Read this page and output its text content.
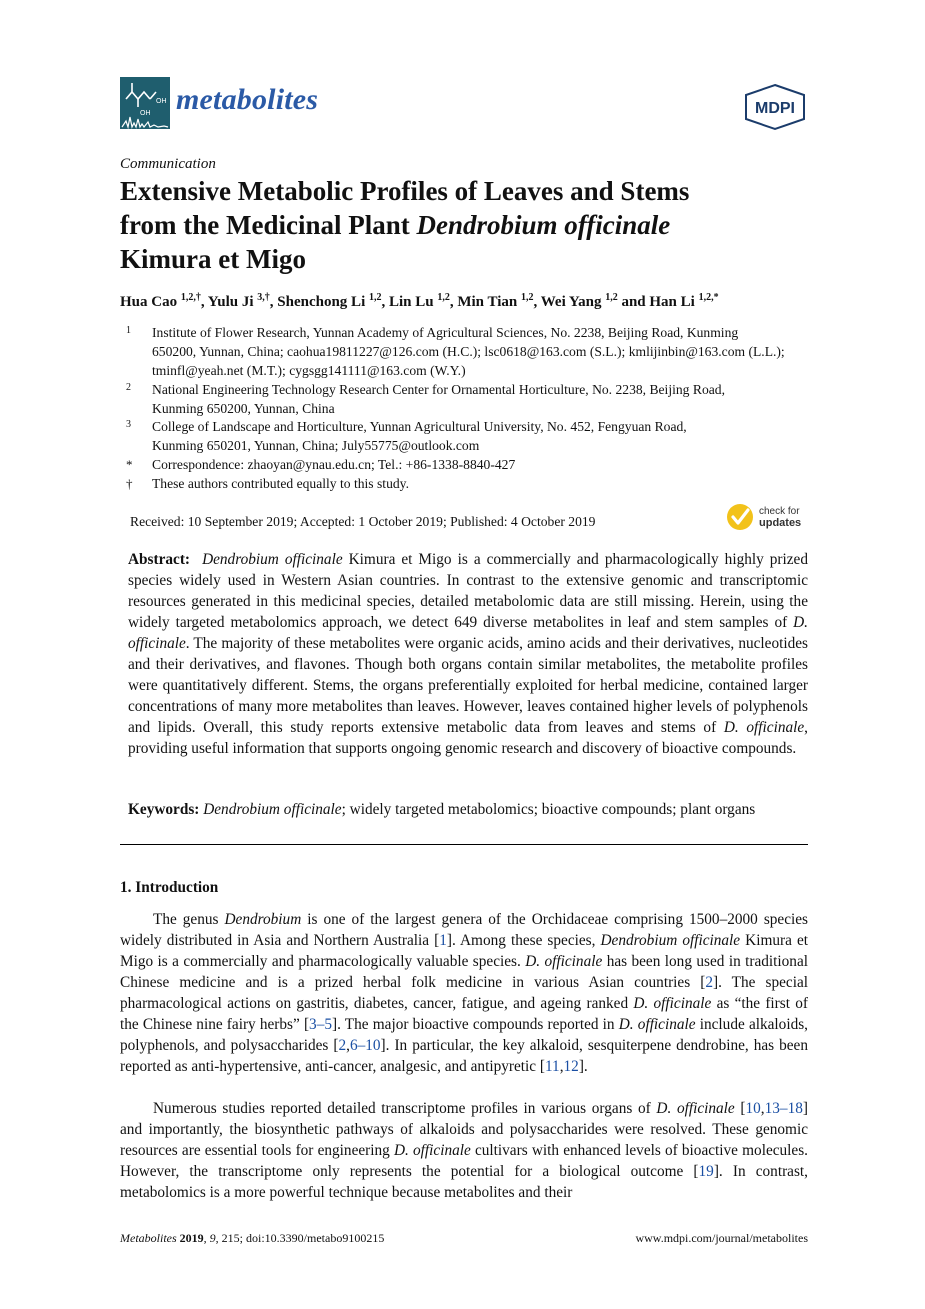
OH
OH metabolites	MDPI
Communication
Extensive Metabolic Profiles of Leaves and Stems
from the Medicinal Plant Dendrobium officinale
Kimura et Migo
Hua Cao $^{1,2,\dagger}$, Yulu Ji $^{3,\dagger}$, Shenchong Li $^{1,2}$, Lin Lu $^{1,2}$, Min Tian $^{1,2}$, Wei Yang $^{1,2}$ and Han Li $^{1,2,*}$
1 Institute of Flower Research, Yunnan Academy of Agricultural Sciences, No. 2238, Beijing Road, Kunming
650200, Yunnan, China; caohua19811227@126.com (H.C.); lsc0618@163.com (S.L.); kmlijinbin@163.com (L.L.);
tminfl@yeah.net (M.T.); cygsgg141111@163.com (W.Y.)
2 National Engineering Technology Research Center for Ornamental Horticulture, No. 2238, Beijing Road,
Kunming 650200, Yunnan, China
3 College of Landscape and Horticulture, Yunnan Agricultural University, No. 452, Fengyuan Road,
Kunming 650201, Yunnan, China; July55775@outlook.com
* Correspondence: zhaoyan@ynau.edu.cn; Tel.: +86-1338-8840-427
† These authors contributed equally to this study.
Received: 10 September 2019; Accepted: 1 October 2019; Published: 4 October 2019
check for
updates
Abstract: Dendrobium officinale Kimura et Migo is a commercially and pharmacologically highly prized species widely used in Western Asian countries. In contrast to the extensive genomic and transcriptomic resources generated in this medicinal species, detailed metabolomic data are still missing. Herein, using the widely targeted metabolomics approach, we detect 649 diverse metabolites in leaf and stem samples of D. officinale. The majority of these metabolites were organic acids, amino acids and their derivatives, nucleotides and their derivatives, and flavones. Though both organs contain similar metabolites, the metabolite profiles were quantitatively different. Stems, the organs preferentially exploited for herbal medicine, contained larger concentrations of many more metabolites than leaves. However, leaves contained higher levels of polyphenols and lipids. Overall, this study reports extensive metabolic data from leaves and stems of D. officinale, providing useful information that supports ongoing genomic research and discovery of bioactive compounds.
Keywords: Dendrobium officinale; widely targeted metabolomics; bioactive compounds; plant organs
1. Introduction
The genus Dendrobium is one of the largest genera of the Orchidaceae comprising 1500–2000 species widely distributed in Asia and Northern Australia [1]. Among these species, Dendrobium officinale Kimura et Migo is a commercially and pharmacologically valuable species. D. officinale has been long used in traditional Chinese medicine and is a prized herbal folk medicine in various Asian countries [2]. The special pharmacological actions on gastritis, diabetes, cancer, fatigue, and ageing ranked D. officinale as “the first of the Chinese nine fairy herbs” [3–5]. The major bioactive compounds reported in D. officinale include alkaloids, polyphenols, and polysaccharides [2,6–10]. In particular, the key alkaloid, sesquiterpene dendrobine, has been reported as anti-hypertensive, anti-cancer, analgesic, and antipyretic [11,12].
Numerous studies reported detailed transcriptome profiles in various organs of D. officinale [10,13–18] and importantly, the biosynthetic pathways of alkaloids and polysaccharides were resolved. These genomic resources are essential tools for engineering D. officinale cultivars with enhanced levels of bioactive molecules. However, the transcriptome only represents the potential for a biological outcome [19]. In contrast, metabolomics is a more powerful technique because metabolites and their
Metabolites 2019, 9, 215; doi:10.3390/metabo9100215	www.mdpi.com/journal/metabolites
